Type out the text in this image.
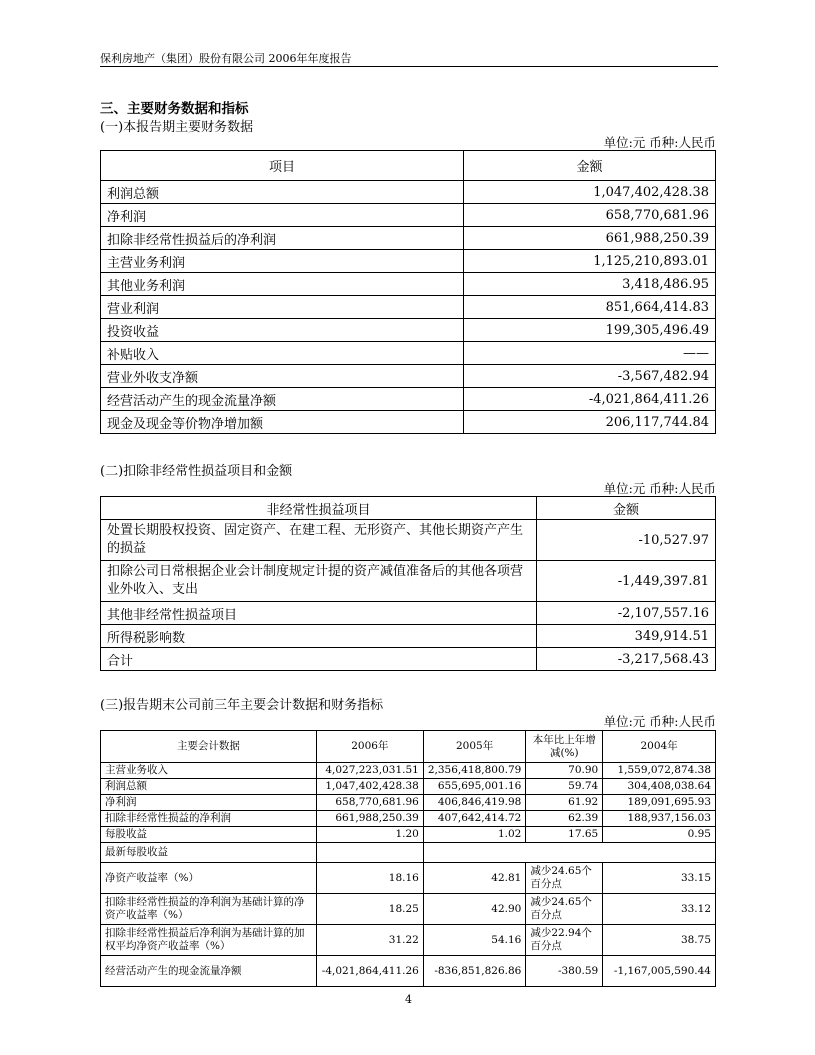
保利房地产（集团）股份有限公司 2006年年度报告
三、主要财务数据和指标
(一)本报告期主要财务数据
单位:元 币种:人民币
项目	金额
利润总额	1,047,402,428.38
净利润	658,770,681.96
扣除非经常性损益后的净利润	661,988,250.39
主营业务利润	1,125,210,893.01
其他业务利润	3,418,486.95
营业利润	851,664,414.83
投资收益	199,305,496.49
补贴收入	——
营业外收支净额	-3,567,482.94
经营活动产生的现金流量净额	-4,021,864,411.26
现金及现金等价物净增加额	206,117,744.84
(二)扣除非经常性损益项目和金额
单位:元 币种:人民币
非经常性损益项目	金额
处置长期股权投资、固定资产、在建工程、无形资产、其他长期资产产生的损益	-10,527.97
扣除公司日常根据企业会计制度规定计提的资产减值准备后的其他各项营业外收入、支出	-1,449,397.81
其他非经常性损益项目	-2,107,557.16
所得税影响数	349,914.51
合计	-3,217,568.43
(三)报告期末公司前三年主要会计数据和财务指标
单位:元 币种:人民币
主要会计数据	2006年	2005年	本年比上年增减(%)	2004年
主营业务收入	4,027,223,031.51	2,356,418,800.79	70.90	1,559,072,874.38
利润总额	1,047,402,428.38	655,695,001.16	59.74	304,408,038.64
净利润	658,770,681.96	406,846,419.98	61.92	189,091,695.93
扣除非经常性损益的净利润	661,988,250.39	407,642,414.72	62.39	188,937,156.03
每股收益	1.20	1.02	17.65	0.95
最新每股收益				
净资产收益率（%）	18.16	42.81	减少24.65个百分点	33.15
扣除非经常性损益的净利润为基础计算的净资产收益率（%）	18.25	42.90	减少24.65个百分点	33.12
扣除非经常性损益后净利润为基础计算的加权平均净资产收益率（%）	31.22	54.16	减少22.94个百分点	38.75
经营活动产生的现金流量净额	-4,021,864,411.26	-836,851,826.86	-380.59	-1,167,005,590.44
4
